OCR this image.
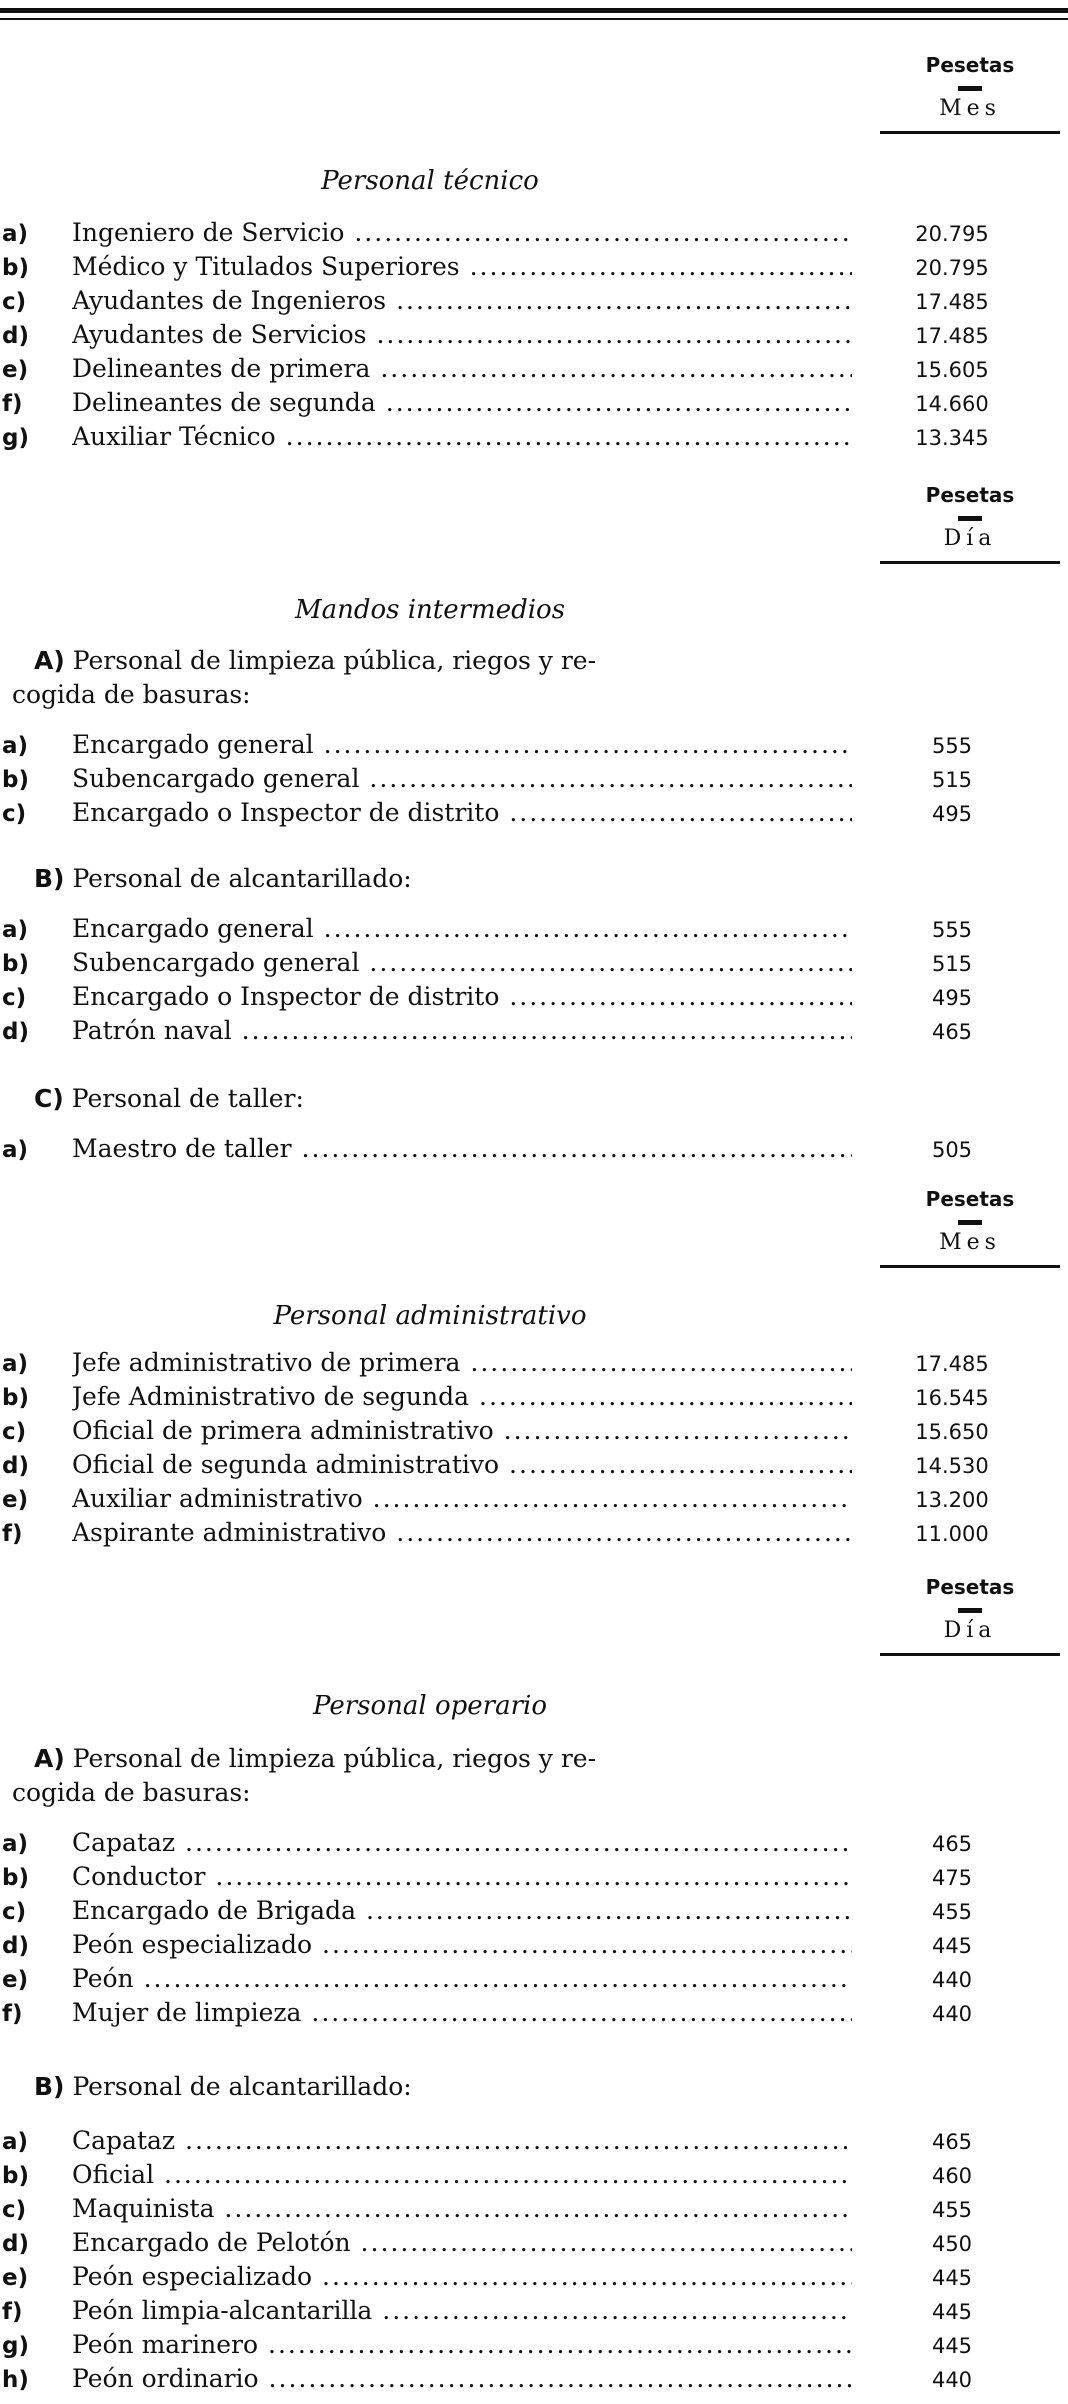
Pesetas
Mes
Personal técnico
a)	Ingeniero de Servicio .....	20.795
b)	Médico y Titulados Superiores .....	20.795
c)	Ayudantes de Ingenieros .....	17.485
d)	Ayudantes de Servicios .....	17.485
e)	Delineantes de primera .....	15.605
f)	Delineantes de segunda .....	14.660
g)	Auxiliar Técnico .....	13.345
Pesetas
Día
Mandos intermedios
A) Personal de limpieza pública, riegos y re-
cogida de basuras:
a)	Encargado general .....	555
b)	Subencargado general .....	515
c)	Encargado o Inspector de distrito .....	495
B) Personal de alcantarillado:
a)	Encargado general .....	555
b)	Subencargado general .....	515
c)	Encargado o Inspector de distrito .....	495
d)	Patrón naval .....	465
C) Personal de taller:
a)	Maestro de taller .....	505
Pesetas
Mes
Personal administrativo
a)	Jefe administrativo de primera .....	17.485
b)	Jefe Administrativo de segunda .....	16.545
c)	Oficial de primera administrativo .....	15.650
d)	Oficial de segunda administrativo .....	14.530
e)	Auxiliar administrativo .....	13.200
f)	Aspirante administrativo .....	11.000
Pesetas
Día
Personal operario
A) Personal de limpieza pública, riegos y re-
cogida de basuras:
a)	Capataz .....	465
b)	Conductor .....	475
c)	Encargado de Brigada .....	455
d)	Peón especializado .....	445
e)	Peón .....	440
f)	Mujer de limpieza .....	440
B) Personal de alcantarillado:
a)	Capataz .....	465
b)	Oficial .....	460
c)	Maquinista .....	455
d)	Encargado de Pelotón .....	450
e)	Peón especializado .....	445
f)	Peón limpia-alcantarilla .....	445
g)	Peón marinero .....	445
h)	Peón ordinario .....	440
